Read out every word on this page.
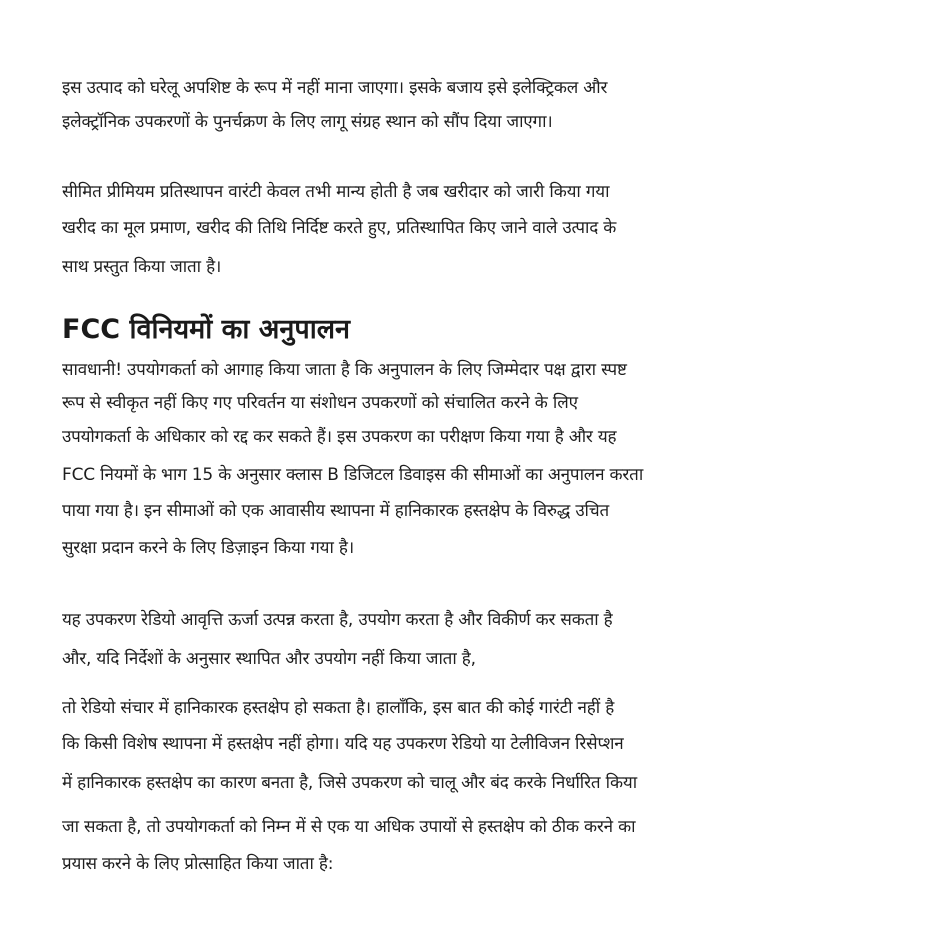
इस उत्पाद को घरेलू अपशिष्ट के रूप में नहीं माना जाएगा। इसके बजाय इसे इलेक्ट्रिकल और

इलेक्ट्रॉनिक उपकरणों के पुनर्चक्रण के लिए लागू संग्रह स्थान को सौंप दिया जाएगा।

सीमित प्रीमियम प्रतिस्थापन वारंटी केवल तभी मान्य होती है जब खरीदार को जारी किया गया

खरीद का मूल प्रमाण, खरीद की तिथि निर्दिष्ट करते हुए, प्रतिस्थापित किए जाने वाले उत्पाद के

साथ प्रस्तुत किया जाता है।

FCC विनियमों का अनुपालन

सावधानी! उपयोगकर्ता को आगाह किया जाता है कि अनुपालन के लिए जिम्मेदार पक्ष द्वारा स्पष्ट

रूप से स्वीकृत नहीं किए गए परिवर्तन या संशोधन उपकरणों को संचालित करने के लिए

उपयोगकर्ता के अधिकार को रद्द कर सकते हैं। इस उपकरण का परीक्षण किया गया है और यह

FCC नियमों के भाग 15 के अनुसार क्लास B डिजिटल डिवाइस की सीमाओं का अनुपालन करता

पाया गया है। इन सीमाओं को एक आवासीय स्थापना में हानिकारक हस्तक्षेप के विरुद्ध उचित

सुरक्षा प्रदान करने के लिए डिज़ाइन किया गया है।

यह उपकरण रेडियो आवृत्ति ऊर्जा उत्पन्न करता है, उपयोग करता है और विकीर्ण कर सकता है

और, यदि निर्देशों के अनुसार स्थापित और उपयोग नहीं किया जाता है,

तो रेडियो संचार में हानिकारक हस्तक्षेप हो सकता है। हालाँकि, इस बात की कोई गारंटी नहीं है

कि किसी विशेष स्थापना में हस्तक्षेप नहीं होगा। यदि यह उपकरण रेडियो या टेलीविजन रिसेप्शन

में हानिकारक हस्तक्षेप का कारण बनता है, जिसे उपकरण को चालू और बंद करके निर्धारित किया

जा सकता है, तो उपयोगकर्ता को निम्न में से एक या अधिक उपायों से हस्तक्षेप को ठीक करने का

प्रयास करने के लिए प्रोत्साहित किया जाता है:
